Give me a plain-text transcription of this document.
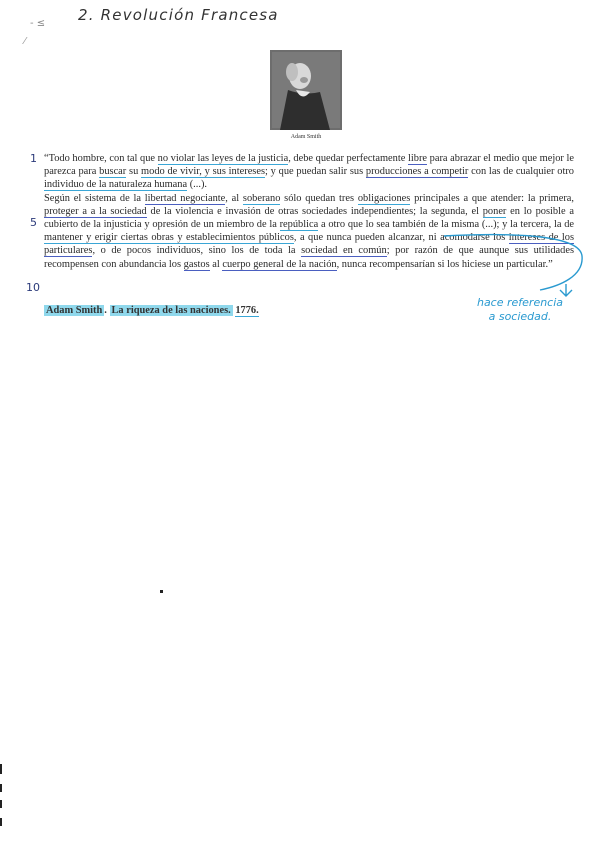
- ≤
⁄
2. Revolución Francesa
Adam Smith
1
5
10

“Todo hombre, con tal que no violar las leyes de la justicia, debe quedar perfectamente libre para abrazar el medio que mejor le parezca para buscar su modo de vivir, y sus intereses; y que puedan salir sus producciones a competir con las de cualquier otro individuo de la naturaleza humana (...).

Según el sistema de la libertad negociante, al soberano sólo quedan tres obligaciones principales a que atender: la primera, proteger a a la sociedad de la violencia e invasión de otras sociedades independientes; la segunda, el poner en lo posible a cubierto de la injusticia y opresión de un miembro de la república a otro que lo sea también de la misma (...); y la tercera, la de mantener y erigir ciertas obras y establecimientos públicos, a que nunca pueden alcanzar, ni acomodarse los intereses de los particulares, o de pocos individuos, sino los de toda la sociedad en común; por razón de que aunque sus utilidades recompensen con abundancia los gastos al cuerpo general de la nación, nunca recompensarían si los hiciese un particular.”

Adam Smith . La riqueza de las naciones. 1776.
hace referencia
a sociedad.
